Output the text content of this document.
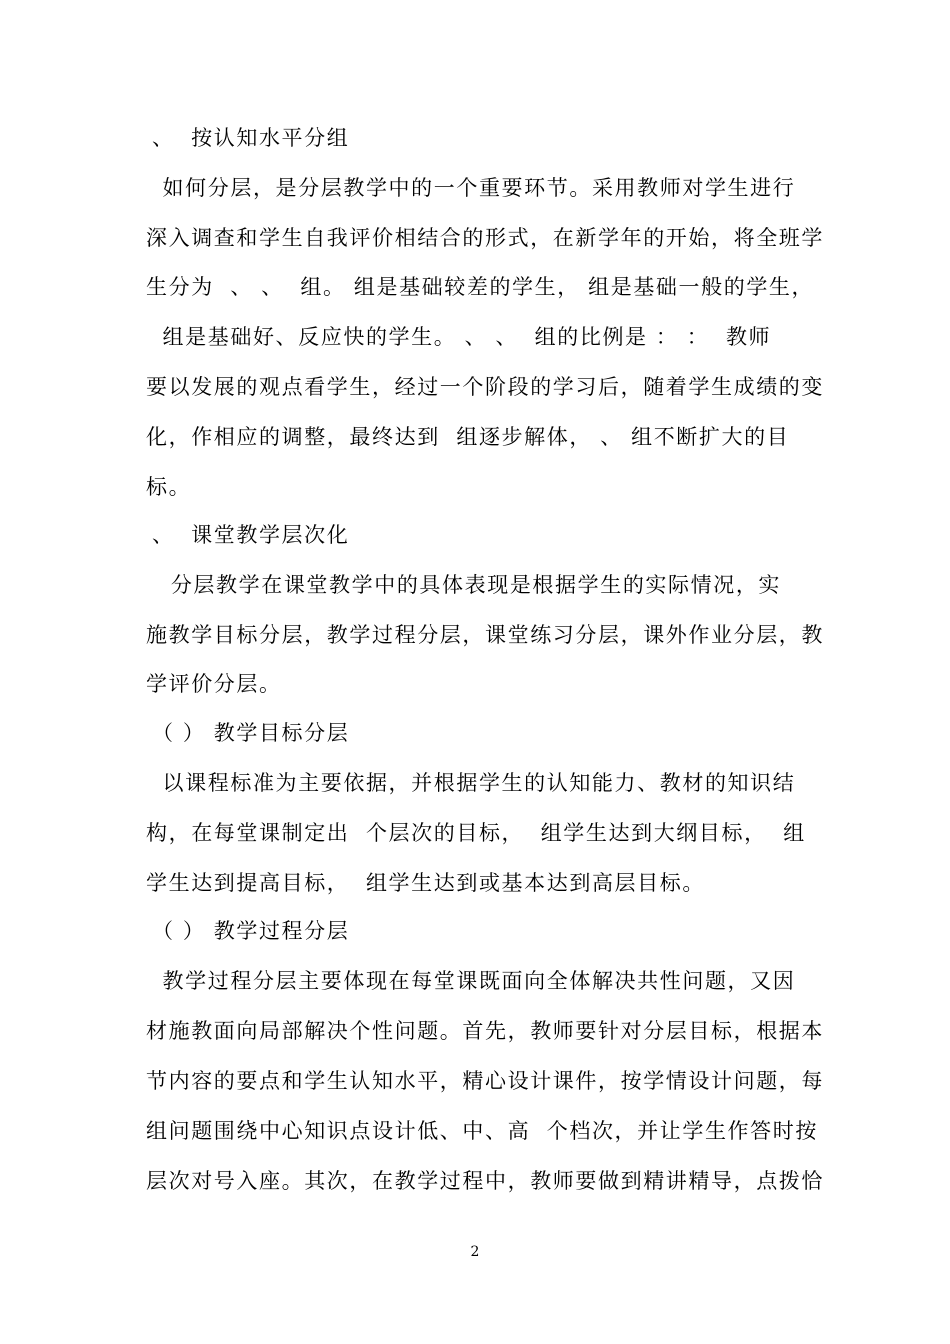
、  按认知水平分组
如何分层，是分层教学中的一个重要环节。采用教师对学生进行
深入调查和学生自我评价相结合的形式，在新学年的开始，将全班学
生分为  、 、  组。 组是基础较差的学生， 组是基础一般的学生，
组是基础好、反应快的学生。 、 、  组的比例是 ： ：  教师
要以发展的观点看学生，经过一个阶段的学习后，随着学生成绩的变
化，作相应的调整，最终达到  组逐步解体， 、 组不断扩大的目
标。
、  课堂教学层次化
分层教学在课堂教学中的具体表现是根据学生的实际情况，实
施教学目标分层，教学过程分层，课堂练习分层，课外作业分层，教
学评价分层。
（ ） 教学目标分层
以课程标准为主要依据，并根据学生的认知能力、教材的知识结
构，在每堂课制定出  个层次的目标，  组学生达到大纲目标，  组
学生达到提高目标，  组学生达到或基本达到高层目标。
（ ） 教学过程分层
教学过程分层主要体现在每堂课既面向全体解决共性问题，又因
材施教面向局部解决个性问题。首先，教师要针对分层目标，根据本
节内容的要点和学生认知水平，精心设计课件，按学情设计问题，每
组问题围绕中心知识点设计低、中、高  个档次，并让学生作答时按
层次对号入座。其次，在教学过程中，教师要做到精讲精导，点拨恰
2
